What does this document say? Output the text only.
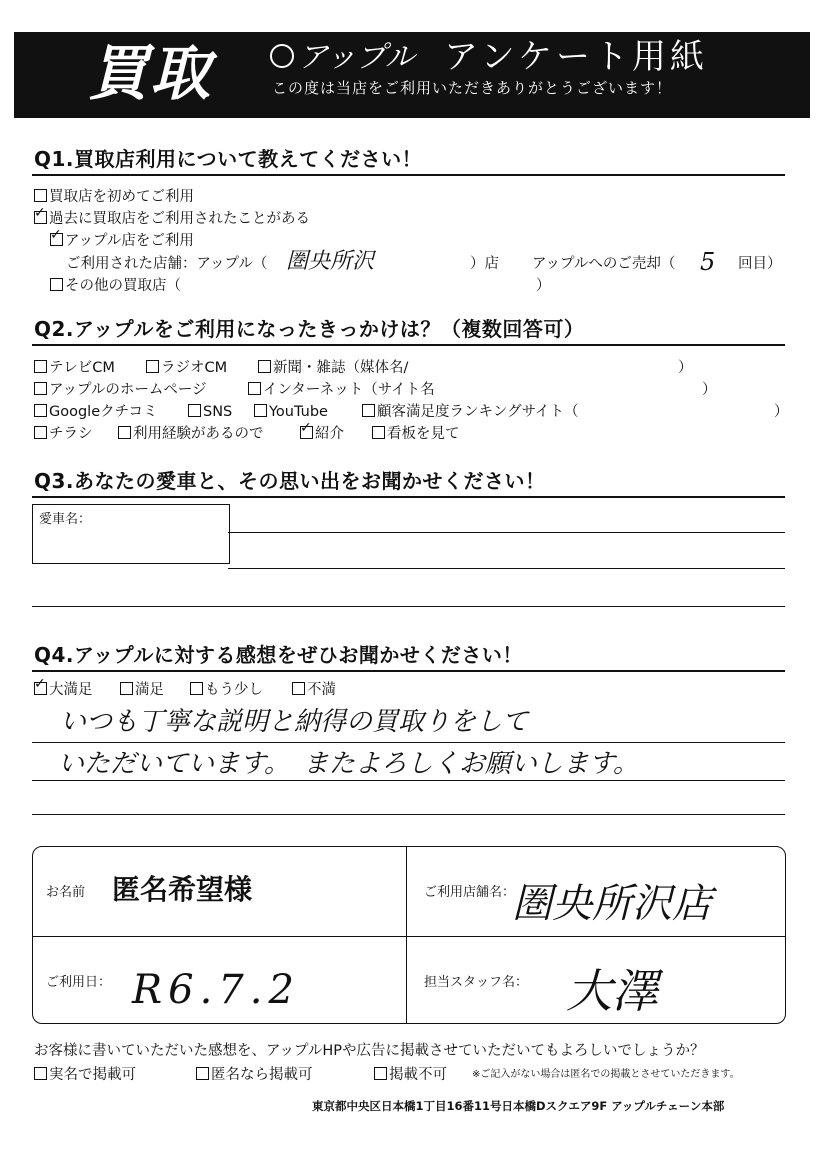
買取	アップル アンケート用紙
この度は当店をご利用いただきありがとうございます！
Q1.買取店利用について教えてください！
買取店を初めてご利用
✓過去に買取店をご利用されたことがある
✓アップル店をご利用
ご利用された店舗：アップル（ 圏央所沢	）店 アップルへのご売却（ 5 回目）
その他の買取店（	）
Q2.アップルをご利用になったきっかけは？（複数回答可）
テレビCM	ラジオCM	新聞・雑誌（媒体名/	）
アップルのホームページ	インターネット（サイト名	）
Googleクチコミ	SNS	YouTube	顧客満足度ランキングサイト（	）
チラシ	利用経験があるので
✓	紹介	看板を見て
Q3.あなたの愛車と、その思い出をお聞かせください！
愛車名：
Q4.アップルに対する感想をぜひお聞かせください！
✓大満足	満足	もう少し	不満
いつも丁寧な説明と納得の買取りをして
いただいています。　またよろしくお願いします。
お名前 匿名希望様	ご利用店舗名：
圏央所沢店
ご利用日： R6.7.2	担当スタッフ名： 大澤
お客様に書いていただいた感想を、アップルHPや広告に掲載させていただいてもよろしいでしょうか？
実名で掲載可	匿名なら掲載可	掲載不可	※ご記入がない場合は匿名での掲載とさせていただきます。
東京都中央区日本橋1丁目16番11号日本橋Dスクエア9F アップルチェーン本部
